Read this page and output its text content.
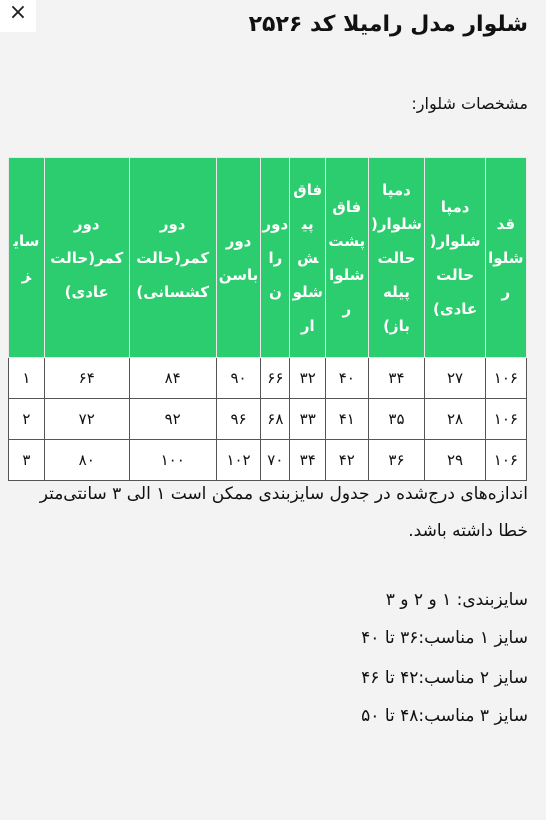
×	شلوار مدل رامیلا کد ۲۵۲۶
مشخصات شلوار:
قد شلوار	دمپا شلوار(حالت عادی)	دمپا شلوار(حالت پیله باز)	فاق پشت شلوار	فاق پیش شلوار	دور ران	دور باسن	دور کمر(حالت کشسانی)	دور کمر(حالت عادی)	سایز
۱۰۶	۲۷	۳۴	۴۰	۳۲	۶۶	۹۰	۸۴	۶۴	۱
۱۰۶	۲۸	۳۵	۴۱	۳۳	۶۸	۹۶	۹۲	۷۲	۲
۱۰۶	۲۹	۳۶	۴۲	۳۴	۷۰	۱۰۲	۱۰۰	۸۰	۳
اندازه‌های درج‌شده در جدول سایزبندی ممکن است ۱ الی ۳ سانتی‌متر خطا داشته باشد.
سایزبندی: ۱ و ۲ و ۳
سایز ۱ مناسب:۳۶ تا ۴۰
سایز ۲ مناسب:۴۲ تا ۴۶
سایز ۳ مناسب:۴۸ تا ۵۰
